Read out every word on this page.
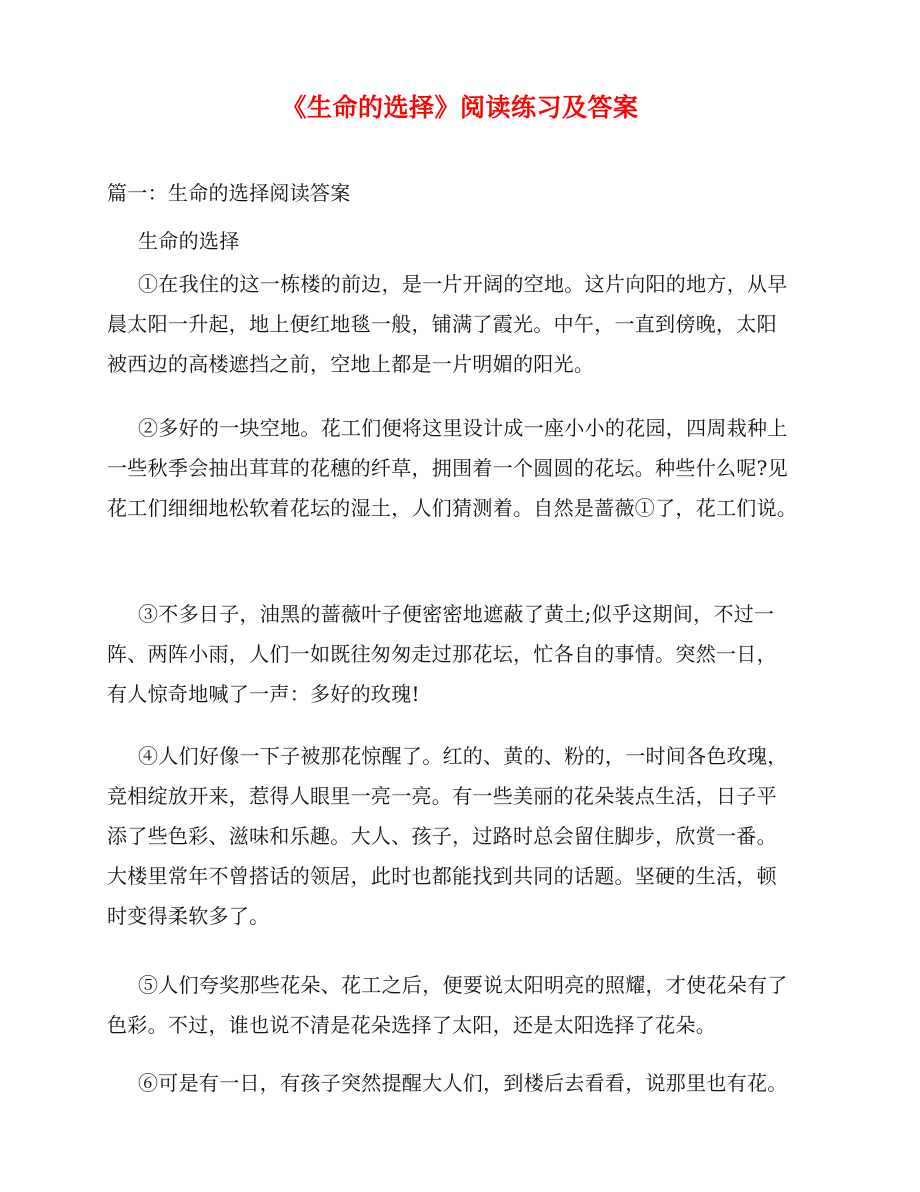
《生命的选择》阅读练习及答案
篇一：生命的选择阅读答案
生命的选择
①在我住的这一栋楼的前边，是一片开阔的空地。这片向阳的地方，从早
晨太阳一升起，地上便红地毯一般，铺满了霞光。中午，一直到傍晚，太阳
被西边的高楼遮挡之前，空地上都是一片明媚的阳光。
②多好的一块空地。花工们便将这里设计成一座小小的花园，四周栽种上
一些秋季会抽出茸茸的花穗的纤草，拥围着一个圆圆的花坛。种些什么呢?见
花工们细细地松软着花坛的湿土，人们猜测着。自然是蔷薇①了，花工们说。
③不多日子，油黑的蔷薇叶子便密密地遮蔽了黄土;似乎这期间，不过一
阵、两阵小雨，人们一如既往匆匆走过那花坛，忙各自的事情。突然一日，
有人惊奇地喊了一声：多好的玫瑰!
④人们好像一下子被那花惊醒了。红的、黄的、粉的，一时间各色玫瑰，
竞相绽放开来，惹得人眼里一亮一亮。有一些美丽的花朵装点生活，日子平
添了些色彩、滋味和乐趣。大人、孩子，过路时总会留住脚步，欣赏一番。
大楼里常年不曾搭话的领居，此时也都能找到共同的话题。坚硬的生活，顿
时变得柔软多了。
⑤人们夸奖那些花朵、花工之后，便要说太阳明亮的照耀，才使花朵有了
色彩。不过，谁也说不清是花朵选择了太阳，还是太阳选择了花朵。
⑥可是有一日，有孩子突然提醒大人们，到楼后去看看，说那里也有花。
